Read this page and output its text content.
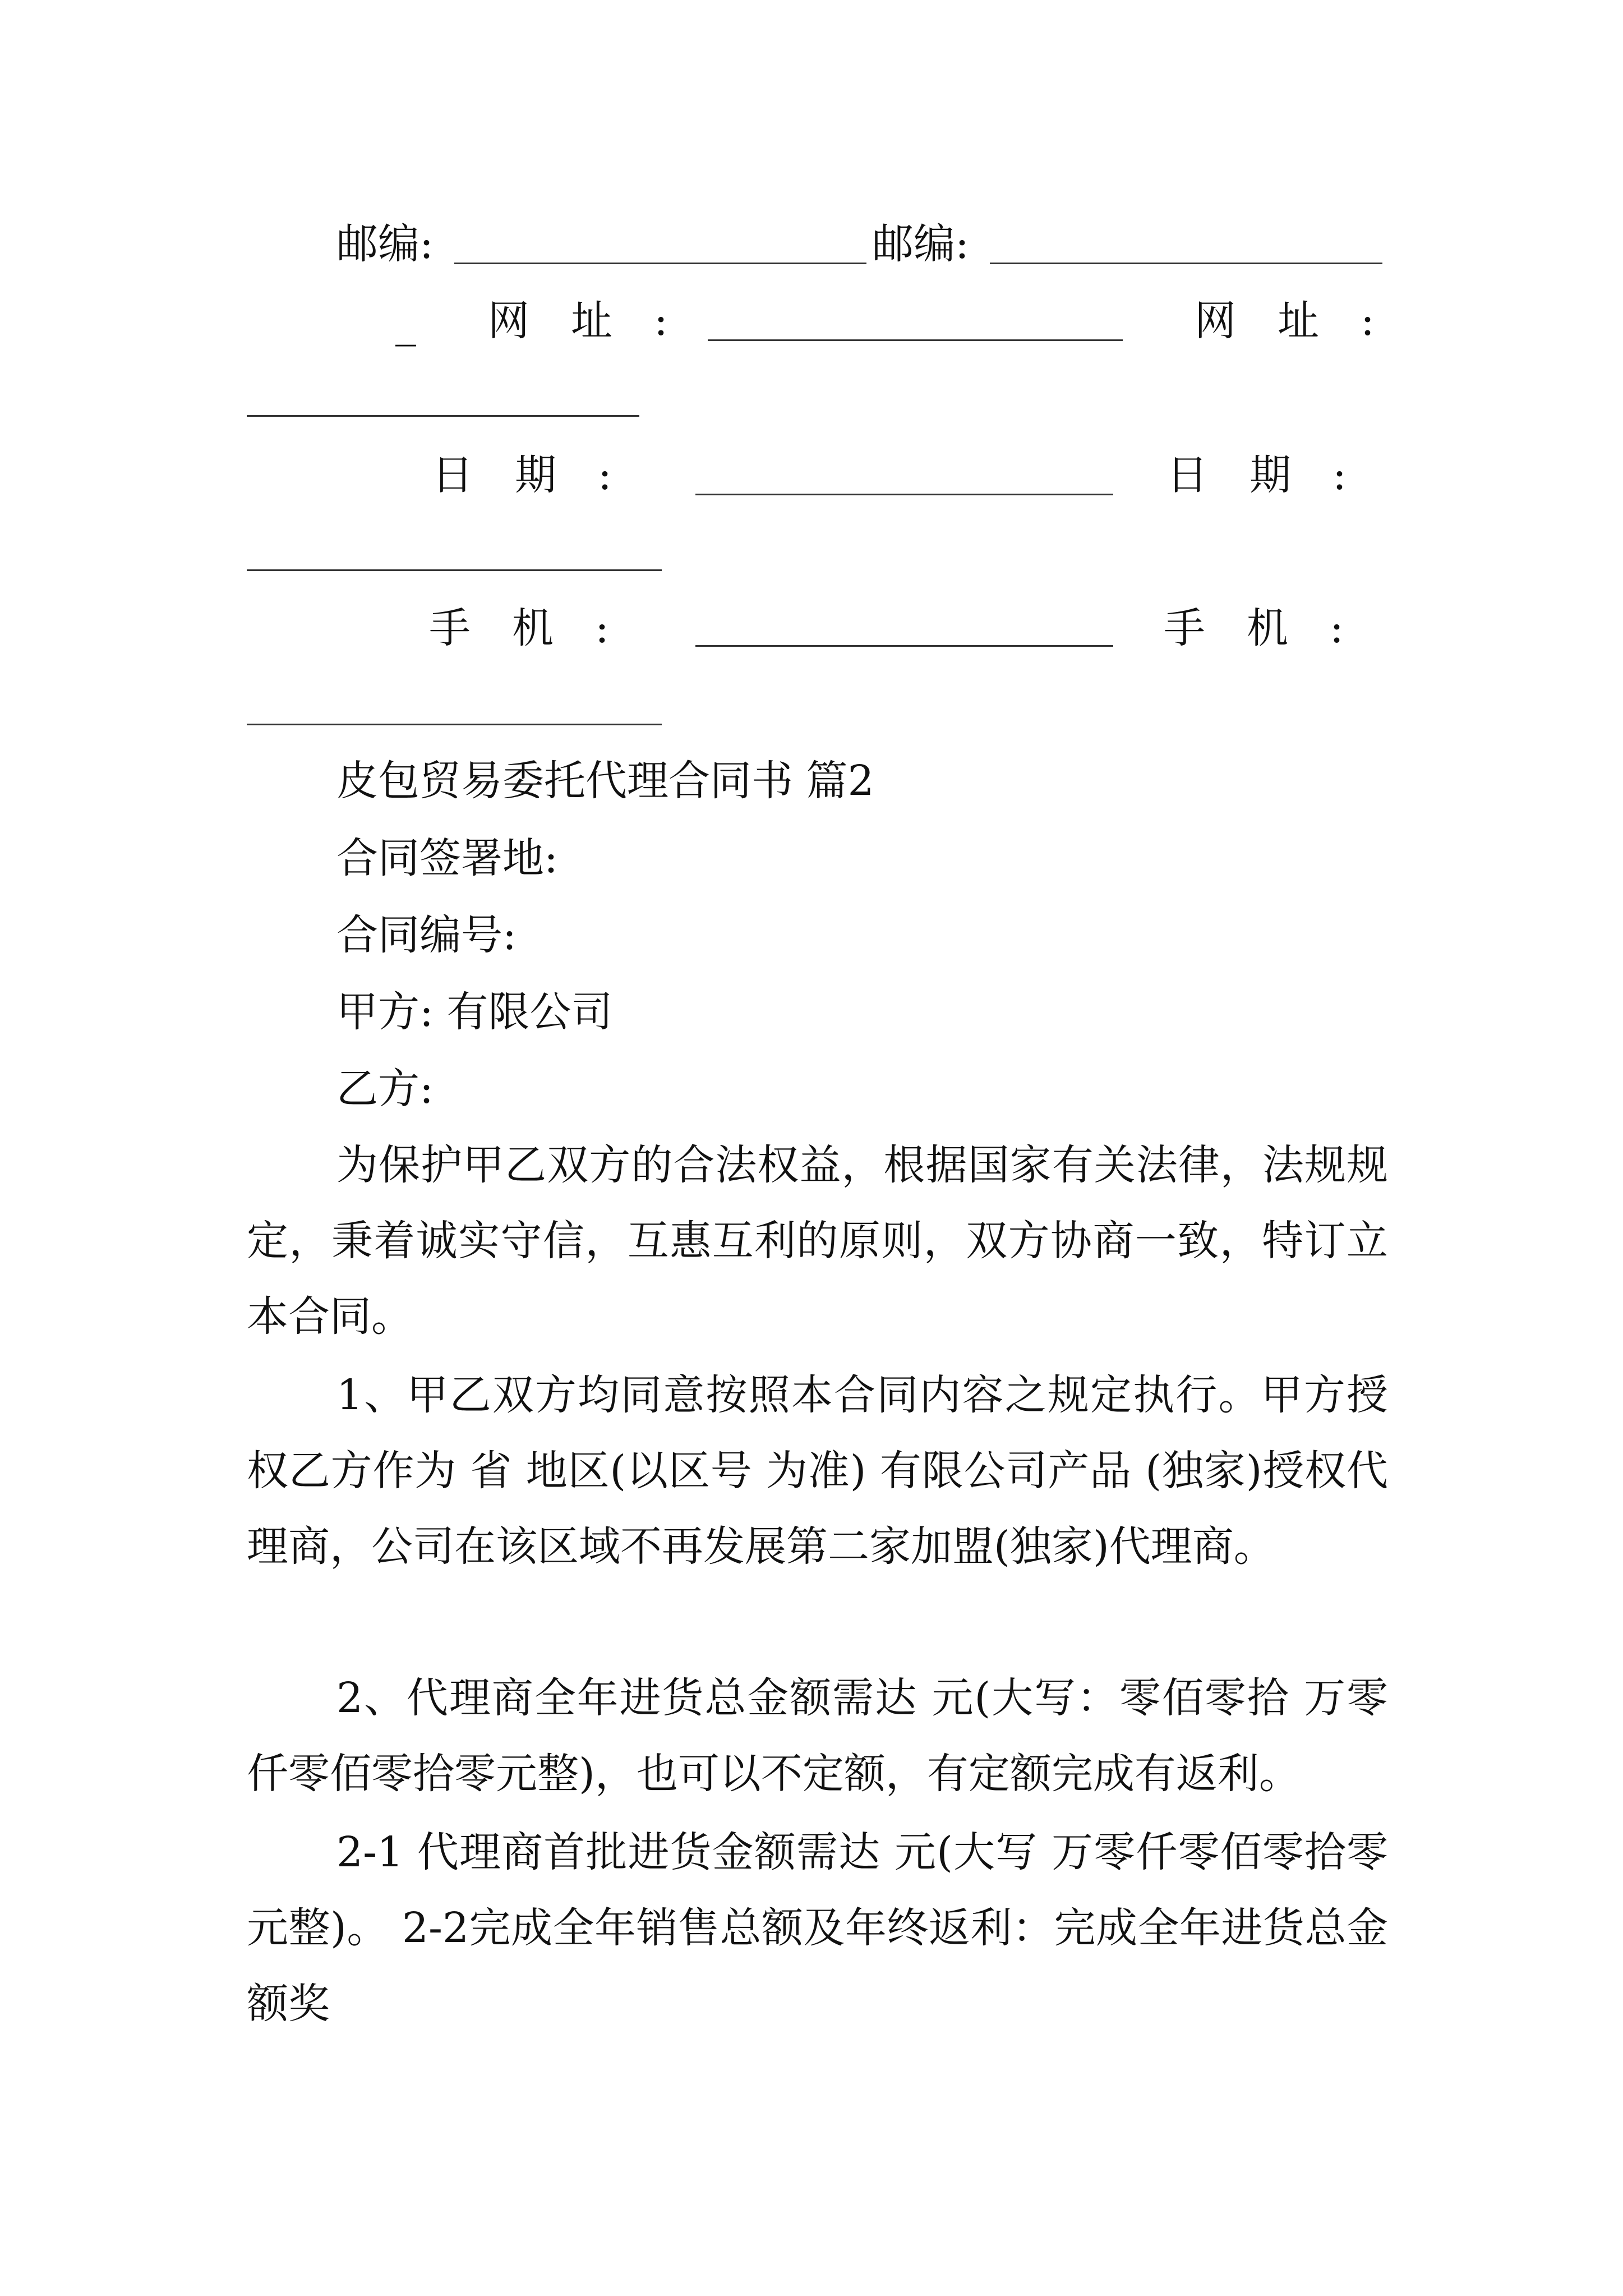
邮编:	邮编:
_ 网　址　:	网　址　:
日　期　:	日　期　:
手　机　:	手　机　:
皮包贸易委托代理合同书 篇2
合同签署地:
合同编号:
甲方: 有限公司
乙方:
为保护甲乙双方的合法权益，根据国家有关法律，法规规定，秉着诚实守信，互惠互利的原则，双方协商一致，特订立本合同。
1、甲乙双方均同意按照本合同内容之规定执行。甲方授权乙方作为 省 地区(以区号 为准) 有限公司产品 (独家)授权代理商，公司在该区域不再发展第二家加盟(独家)代理商。
2、代理商全年进货总金额需达 元(大写：零佰零拾 万零仟零佰零拾零元整)，也可以不定额，有定额完成有返利。
2-1 代理商首批进货金额需达 元(大写 万零仟零佰零拾零元整)。 2-2完成全年销售总额及年终返利：完成全年进货总金额奖
